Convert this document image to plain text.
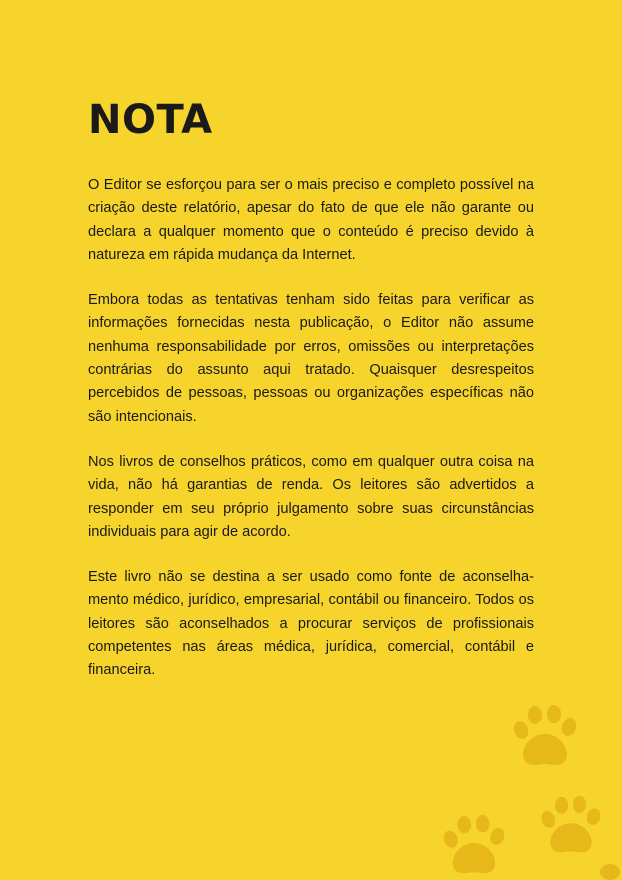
NOTA

O Editor se esforçou para ser o mais preciso e completo possível na criação deste relatório, apesar do fato de que ele não garante ou declara a qualquer momento que o conteúdo é preciso devido à natureza em rápida mudança da Internet.

Embora todas as tentativas tenham sido feitas para verificar as informações fornecidas nesta publicação, o Editor não assume nenhuma responsabilidade por erros, omissões ou interpretações contrárias do assunto aqui tratado. Quaisquer desrespeitos percebidos de pessoas, pessoas ou organizações específicas não são intencionais.

Nos livros de conselhos práticos, como em qualquer outra coisa na vida, não há garantias de renda. Os leitores são advertidos a responder em seu próprio julgamento sobre suas circunstâncias individuais para agir de acordo.

Este livro não se destina a ser usado como fonte de aconselhamento médico, jurídico, empresarial, contábil ou financeiro. Todos os leitores são aconselhados a procurar serviços de profissionais competentes nas áreas médica, jurídica, comercial, contábil e financeira.
